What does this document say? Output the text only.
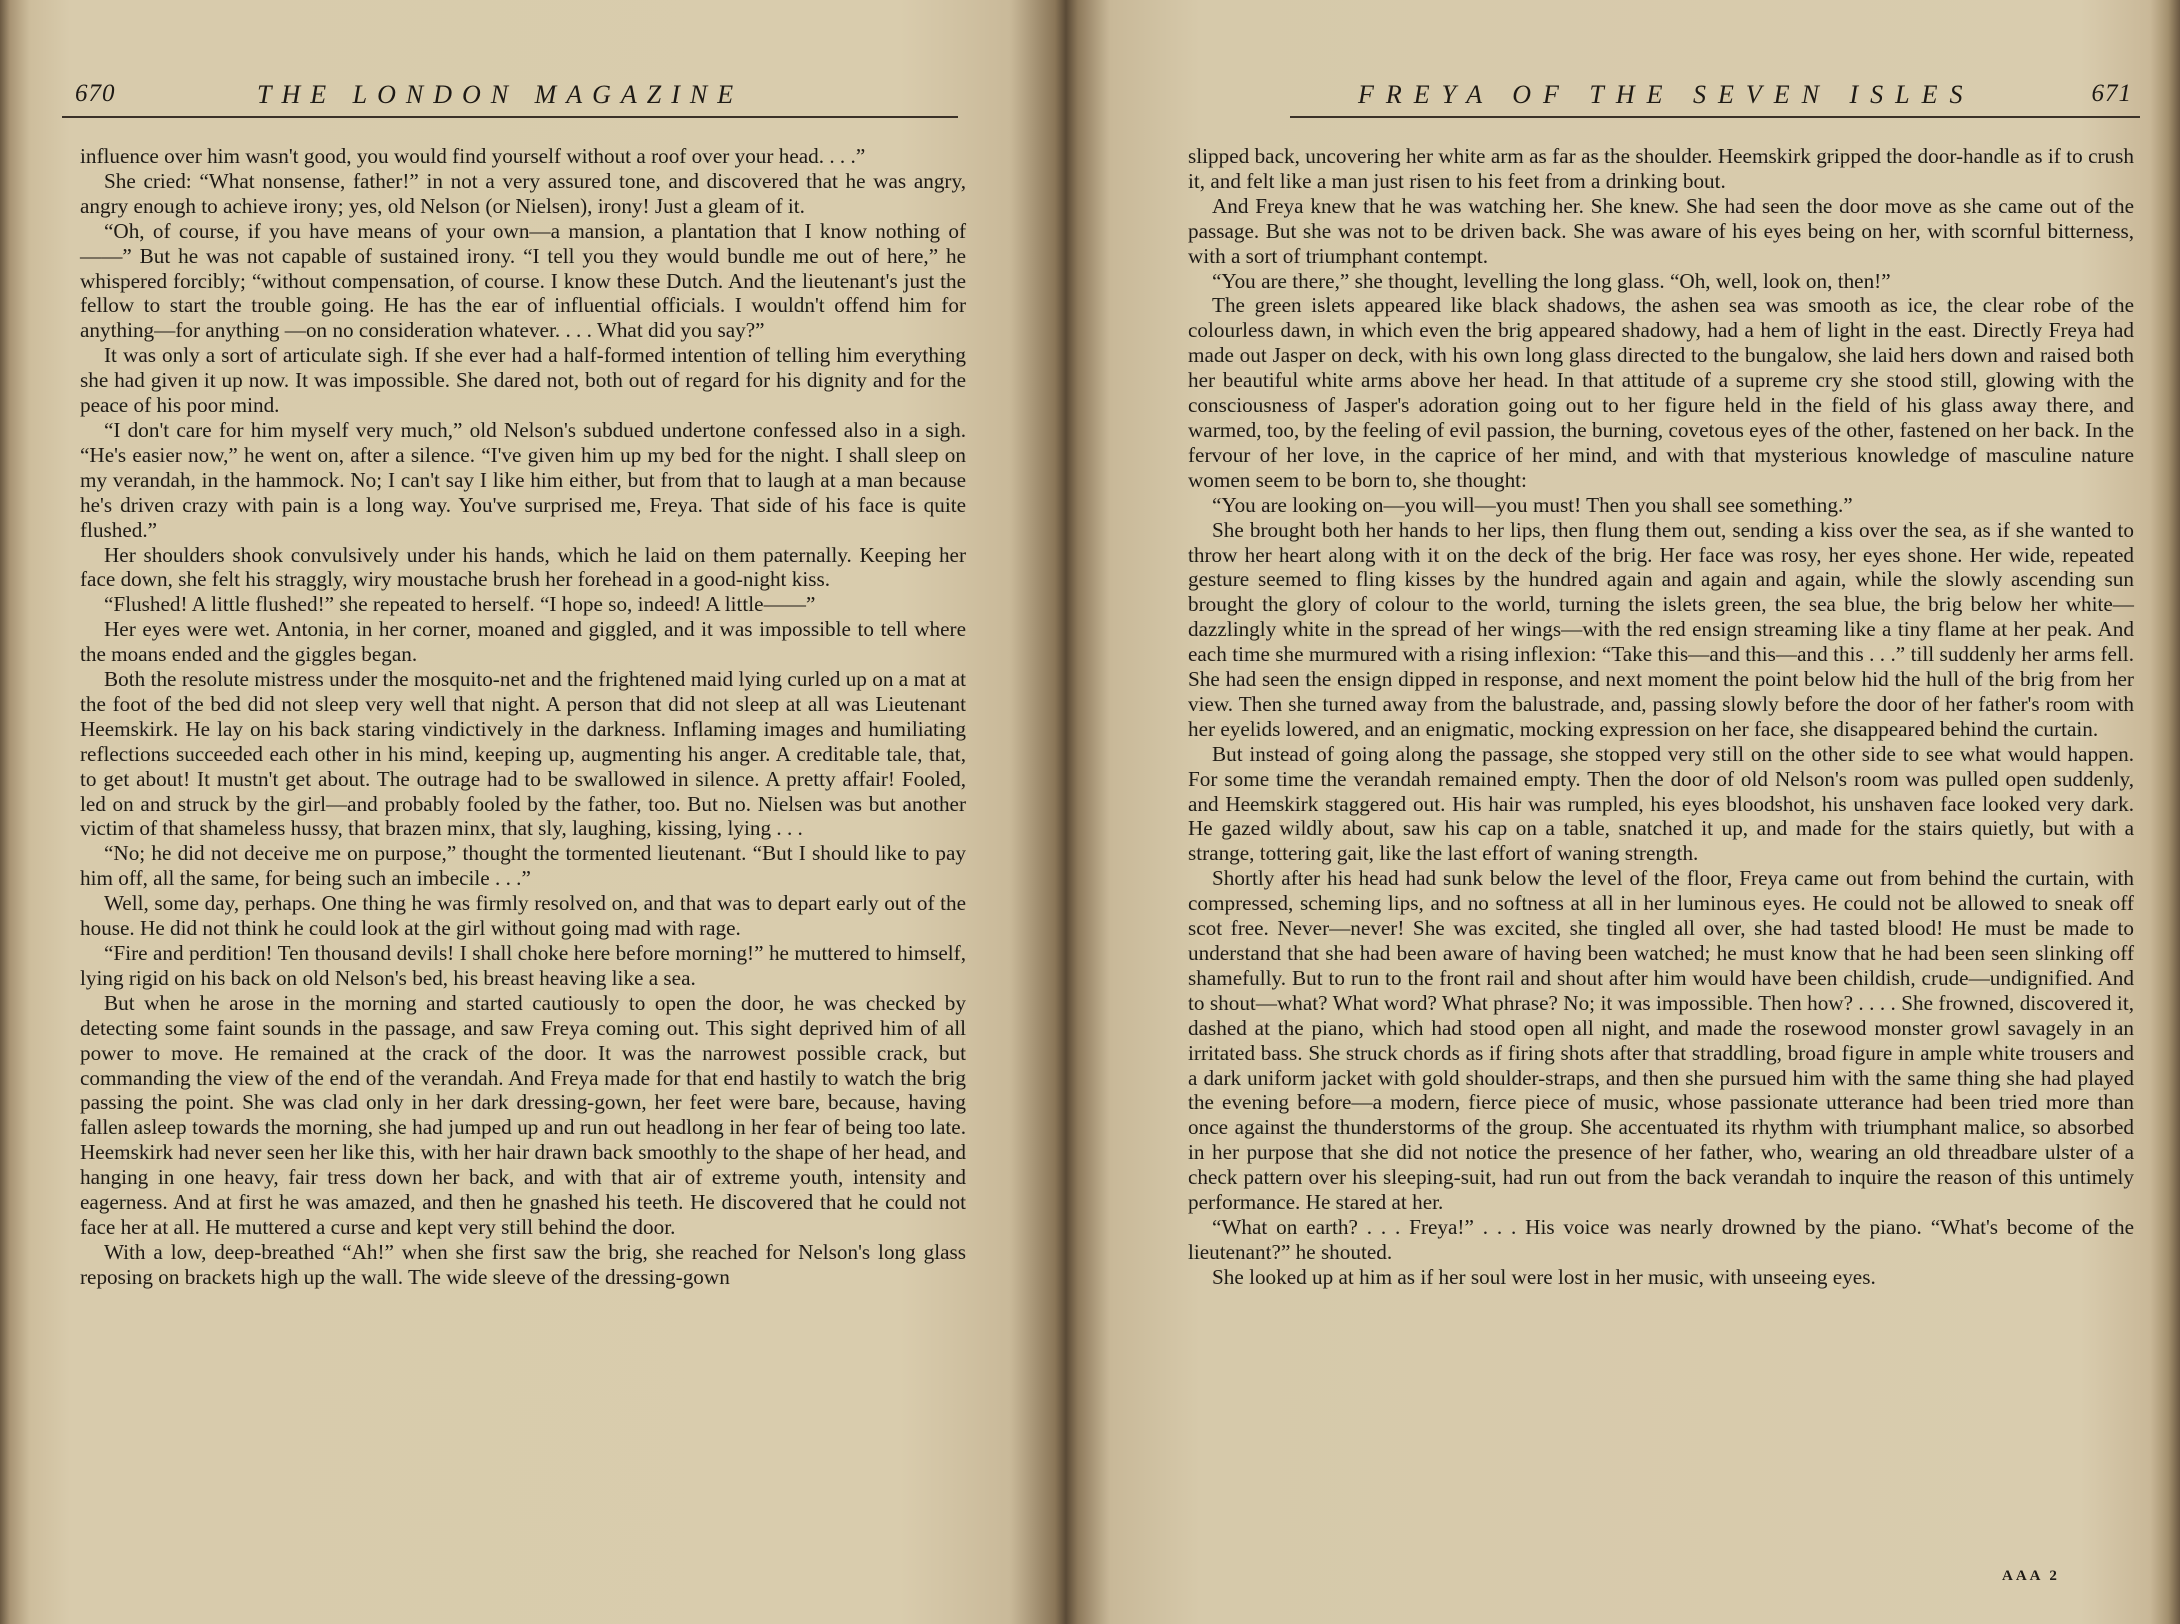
670	THE LONDON MAGAZINE

influence over him wasn't good, you would find yourself without a roof over your head. . . .”

She cried: “What nonsense, father!” in not a very assured tone, and discovered that he was angry, angry enough to achieve irony; yes, old Nelson (or Nielsen), irony! Just a gleam of it.

“Oh, of course, if you have means of your own—a mansion, a plantation that I know nothing of——” But he was not capable of sustained irony. “I tell you they would bundle me out of here,” he whispered forcibly; “without compensation, of course. I know these Dutch. And the lieutenant's just the fellow to start the trouble going. He has the ear of influential officials. I wouldn't offend him for anything—for anything —on no consideration whatever. . . . What did you say?”

It was only a sort of articulate sigh. If she ever had a half-formed intention of telling him everything she had given it up now. It was impossible. She dared not, both out of regard for his dignity and for the peace of his poor mind.

“I don't care for him myself very much,” old Nelson's subdued undertone confessed also in a sigh. “He's easier now,” he went on, after a silence. “I've given him up my bed for the night. I shall sleep on my verandah, in the hammock. No; I can't say I like him either, but from that to laugh at a man because he's driven crazy with pain is a long way. You've surprised me, Freya. That side of his face is quite flushed.”

Her shoulders shook convulsively under his hands, which he laid on them paternally. Keeping her face down, she felt his straggly, wiry moustache brush her forehead in a good-night kiss.

“Flushed! A little flushed!” she repeated to herself. “I hope so, indeed! A little——”

Her eyes were wet. Antonia, in her corner, moaned and giggled, and it was impossible to tell where the moans ended and the giggles began.

Both the resolute mistress under the mosquito-net and the frightened maid lying curled up on a mat at the foot of the bed did not sleep very well that night. A person that did not sleep at all was Lieutenant Heemskirk. He lay on his back staring vindictively in the darkness. Inflaming images and humiliating reflections succeeded each other in his mind, keeping up, augmenting his anger. A creditable tale, that, to get about! It mustn't get about. The outrage had to be swallowed in silence. A pretty affair! Fooled, led on and struck by the girl—and probably fooled by the father, too. But no. Nielsen was but another victim of that shameless hussy, that brazen minx, that sly, laughing, kissing, lying . . .

“No; he did not deceive me on purpose,” thought the tormented lieutenant. “But I should like to pay him off, all the same, for being such an imbecile . . .”

Well, some day, perhaps. One thing he was firmly resolved on, and that was to depart early out of the house. He did not think he could look at the girl without going mad with rage.

“Fire and perdition! Ten thousand devils! I shall choke here before morning!” he muttered to himself, lying rigid on his back on old Nelson's bed, his breast heaving like a sea.

But when he arose in the morning and started cautiously to open the door, he was checked by detecting some faint sounds in the passage, and saw Freya coming out. This sight deprived him of all power to move. He remained at the crack of the door. It was the narrowest possible crack, but commanding the view of the end of the verandah. And Freya made for that end hastily to watch the brig passing the point. She was clad only in her dark dressing-gown, her feet were bare, because, having fallen asleep towards the morning, she had jumped up and run out headlong in her fear of being too late. Heemskirk had never seen her like this, with her hair drawn back smoothly to the shape of her head, and hanging in one heavy, fair tress down her back, and with that air of extreme youth, intensity and eagerness. And at first he was amazed, and then he gnashed his teeth. He discovered that he could not face her at all. He muttered a curse and kept very still behind the door.

With a low, deep-breathed “Ah!” when she first saw the brig, she reached for Nelson's long glass reposing on brackets high up the wall. The wide sleeve of the dressing-gown

FREYA OF THE SEVEN ISLES	671

slipped back, uncovering her white arm as far as the shoulder. Heemskirk gripped the door-handle as if to crush it, and felt like a man just risen to his feet from a drinking bout.

And Freya knew that he was watching her. She knew. She had seen the door move as she came out of the passage. But she was not to be driven back. She was aware of his eyes being on her, with scornful bitterness, with a sort of triumphant contempt.

“You are there,” she thought, levelling the long glass. “Oh, well, look on, then!”

The green islets appeared like black shadows, the ashen sea was smooth as ice, the clear robe of the colourless dawn, in which even the brig appeared shadowy, had a hem of light in the east. Directly Freya had made out Jasper on deck, with his own long glass directed to the bungalow, she laid hers down and raised both her beautiful white arms above her head. In that attitude of a supreme cry she stood still, glowing with the consciousness of Jasper's adoration going out to her figure held in the field of his glass away there, and warmed, too, by the feeling of evil passion, the burning, covetous eyes of the other, fastened on her back. In the fervour of her love, in the caprice of her mind, and with that mysterious knowledge of masculine nature women seem to be born to, she thought:

“You are looking on—you will—you must! Then you shall see something.”

She brought both her hands to her lips, then flung them out, sending a kiss over the sea, as if she wanted to throw her heart along with it on the deck of the brig. Her face was rosy, her eyes shone. Her wide, repeated gesture seemed to fling kisses by the hundred again and again and again, while the slowly ascending sun brought the glory of colour to the world, turning the islets green, the sea blue, the brig below her white—dazzlingly white in the spread of her wings—with the red ensign streaming like a tiny flame at her peak. And each time she murmured with a rising inflexion: “Take this—and this—and this . . .” till suddenly her arms fell. She had seen the ensign dipped in response, and next moment the point below hid the hull of the brig from her view. Then she turned away from the balustrade, and, passing slowly before the door of her father's room with her eyelids lowered, and an enigmatic, mocking expression on her face, she disappeared behind the curtain.

But instead of going along the passage, she stopped very still on the other side to see what would happen. For some time the verandah remained empty. Then the door of old Nelson's room was pulled open suddenly, and Heemskirk staggered out. His hair was rumpled, his eyes bloodshot, his unshaven face looked very dark. He gazed wildly about, saw his cap on a table, snatched it up, and made for the stairs quietly, but with a strange, tottering gait, like the last effort of waning strength.

Shortly after his head had sunk below the level of the floor, Freya came out from behind the curtain, with compressed, scheming lips, and no softness at all in her luminous eyes. He could not be allowed to sneak off scot free. Never—never! She was excited, she tingled all over, she had tasted blood! He must be made to understand that she had been aware of having been watched; he must know that he had been seen slinking off shamefully. But to run to the front rail and shout after him would have been childish, crude—undignified. And to shout—what? What word? What phrase? No; it was impossible. Then how? . . . . She frowned, discovered it, dashed at the piano, which had stood open all night, and made the rosewood monster growl savagely in an irritated bass. She struck chords as if firing shots after that straddling, broad figure in ample white trousers and a dark uniform jacket with gold shoulder-straps, and then she pursued him with the same thing she had played the evening before—a modern, fierce piece of music, whose passionate utterance had been tried more than once against the thunderstorms of the group. She accentuated its rhythm with triumphant malice, so absorbed in her purpose that she did not notice the presence of her father, who, wearing an old threadbare ulster of a check pattern over his sleeping-suit, had run out from the back verandah to inquire the reason of this untimely performance. He stared at her.

“What on earth? . . . Freya!” . . . His voice was nearly drowned by the piano. “What's become of the lieutenant?” he shouted.

She looked up at him as if her soul were lost in her music, with unseeing eyes.

AAA 2
